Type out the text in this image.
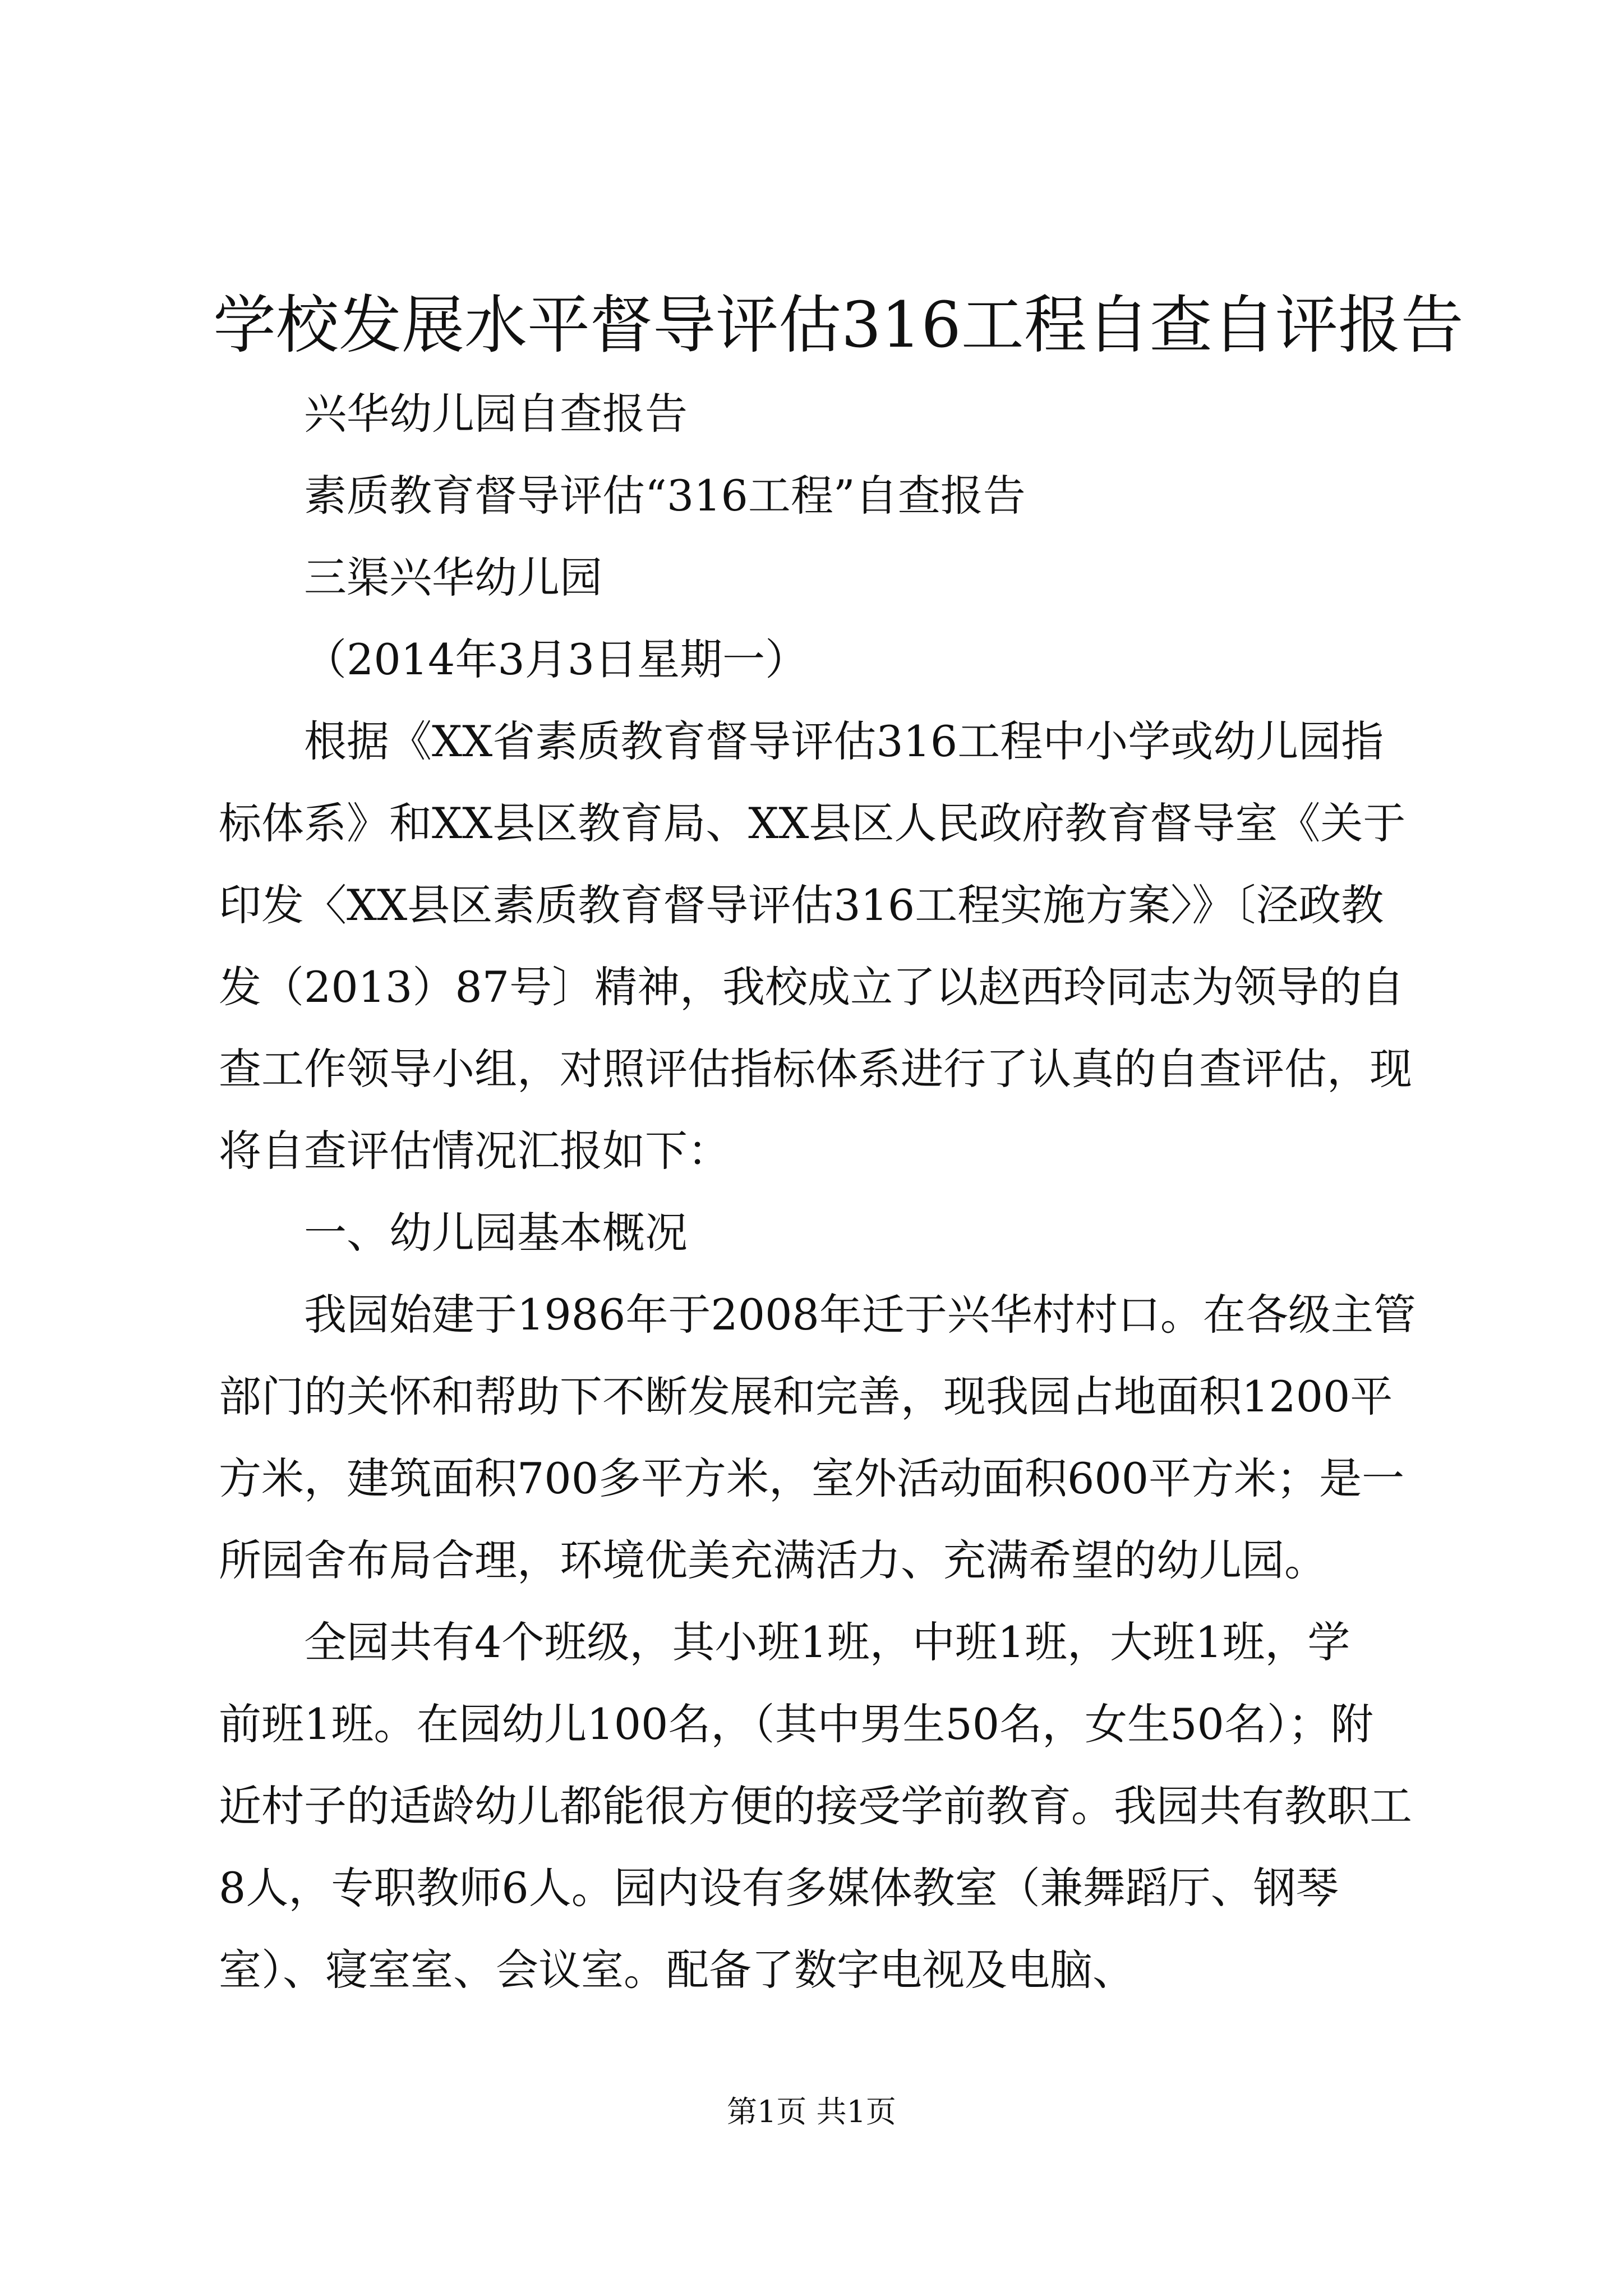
学校发展水平督导评估316工程自查自评报告

兴华幼儿园自查报告

素质教育督导评估“316工程”自查报告

三渠兴华幼儿园

（2014年3月3日星期一）

根据《XX省素质教育督导评估316工程中小学或幼儿园指

标体系》和XX县区教育局、XX县区人民政府教育督导室《关于

印发〈XX县区素质教育督导评估316工程实施方案〉》〔泾政教

发（2013）87号〕精神，我校成立了以赵西玲同志为领导的自

查工作领导小组，对照评估指标体系进行了认真的自查评估，现

将自查评估情况汇报如下：

一、幼儿园基本概况

我园始建于1986年于2008年迁于兴华村村口。在各级主管

部门的关怀和帮助下不断发展和完善，现我园占地面积1200平

方米，建筑面积700多平方米，室外活动面积600平方米；是一

所园舍布局合理，环境优美充满活力、充满希望的幼儿园。

全园共有4个班级，其小班1班，中班1班，大班1班，学

前班1班。在园幼儿100名，（其中男生50名，女生50名）；附

近村子的适龄幼儿都能很方便的接受学前教育。我园共有教职工

8人，专职教师6人。园内设有多媒体教室（兼舞蹈厅、钢琴

室）、寝室室、会议室。配备了数字电视及电脑、

第1页 共1页
